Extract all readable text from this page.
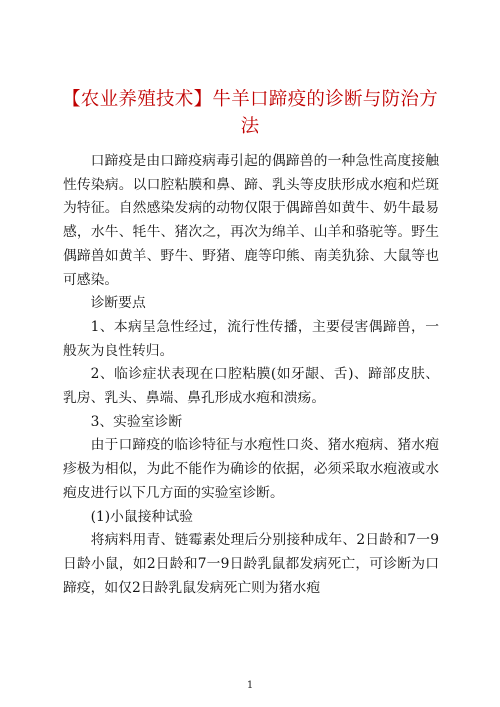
【农业养殖技术】牛羊口蹄疫的诊断与防治方法

口蹄疫是由口蹄疫病毒引起的偶蹄兽的一种急性高度接触性传染病。以口腔粘膜和鼻、蹄、乳头等皮肤形成水疱和烂斑为特征。自然感染发病的动物仅限于偶蹄兽如黄牛、奶牛最易感，水牛、牦牛、猪次之，再次为绵羊、山羊和骆驼等。野生偶蹄兽如黄羊、野牛、野猪、鹿等印熊、南美犰狳、大鼠等也可感染。

诊断要点

1、本病呈急性经过，流行性传播，主要侵害偶蹄兽，一般灰为良性转归。

2、临诊症状表现在口腔粘膜(如牙龈、舌)、蹄部皮肤、乳房、乳头、鼻端、鼻孔形成水疱和溃疡。

3、实验室诊断

由于口蹄疫的临诊特征与水疱性口炎、猪水疱病、猪水疱疹极为相似，为此不能作为确诊的依据，必须采取水疱液或水疱皮进行以下几方面的实验室诊断。

(1)小鼠接种试验

将病料用青、链霉素处理后分别接种成年、2日龄和7一9日龄小鼠，如2日龄和7一9日龄乳鼠都发病死亡，可诊断为口蹄疫，如仅2日龄乳鼠发病死亡则为猪水疱

1
